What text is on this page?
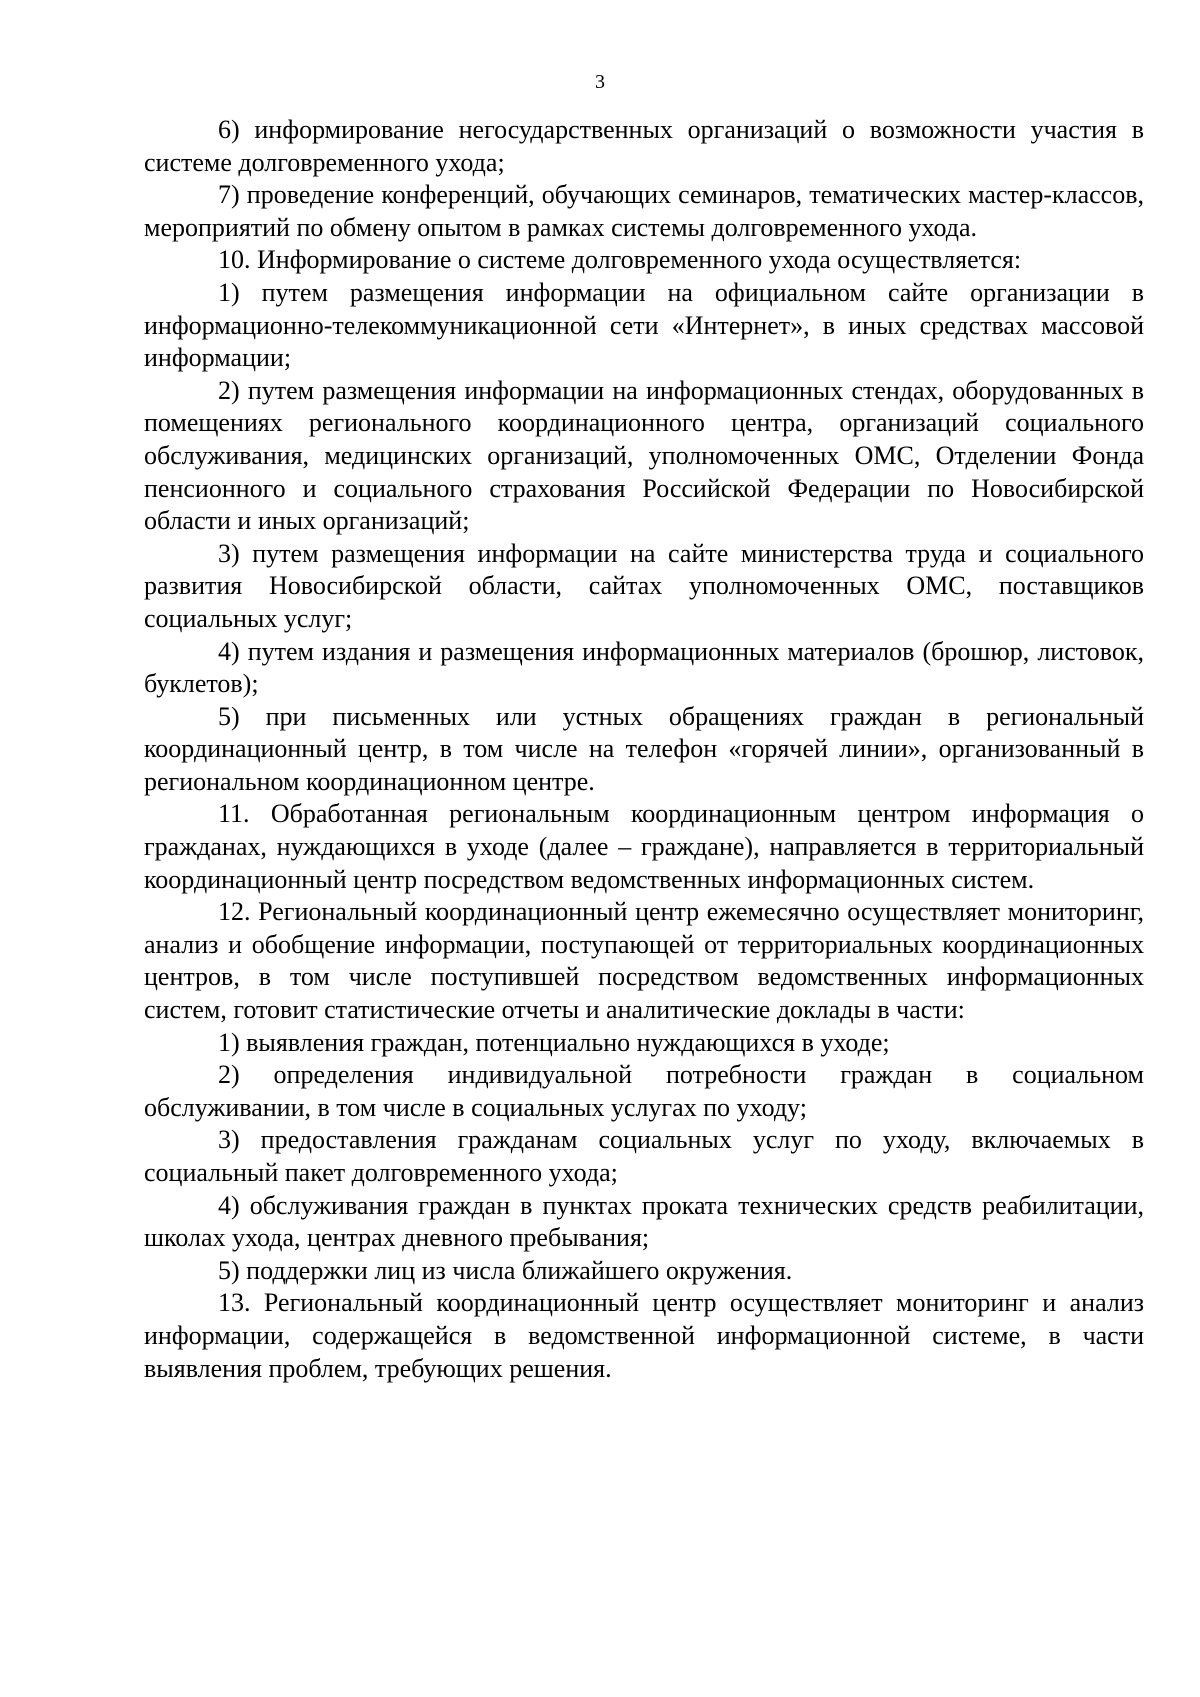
3

6) информирование негосударственных организаций о возможности участия в системе долговременного ухода;

7) проведение конференций, обучающих семинаров, тематических мастер-классов, мероприятий по обмену опытом в рамках системы долговременного ухода.

10. Информирование о системе долговременного ухода осуществляется:

1) путем размещения информации на официальном сайте организации в информационно-телекоммуникационной сети «Интернет», в иных средствах массовой информации;

2) путем размещения информации на информационных стендах, оборудованных в помещениях регионального координационного центра, организаций социального обслуживания, медицинских организаций, уполномоченных ОМС, Отделении Фонда пенсионного и социального страхования Российской Федерации по Новосибирской области и иных организаций;

3) путем размещения информации на сайте министерства труда и социального развития Новосибирской области, сайтах уполномоченных ОМС, поставщиков социальных услуг;

4) путем издания и размещения информационных материалов (брошюр, листовок, буклетов);

5) при письменных или устных обращениях граждан в региональный координационный центр, в том числе на телефон «горячей линии», организованный в региональном координационном центре.

11. Обработанная региональным координационным центром информация о гражданах, нуждающихся в уходе (далее – граждане), направляется в территориальный координационный центр посредством ведомственных информационных систем.

12. Региональный координационный центр ежемесячно осуществляет мониторинг, анализ и обобщение информации, поступающей от территориальных координационных центров, в том числе поступившей посредством ведомственных информационных систем, готовит статистические отчеты и аналитические доклады в части:

1) выявления граждан, потенциально нуждающихся в уходе;

2) определения индивидуальной потребности граждан в социальном обслуживании, в том числе в социальных услугах по уходу;

3) предоставления гражданам социальных услуг по уходу, включаемых в социальный пакет долговременного ухода;

4) обслуживания граждан в пунктах проката технических средств реабилитации, школах ухода, центрах дневного пребывания;

5) поддержки лиц из числа ближайшего окружения.

13. Региональный координационный центр осуществляет мониторинг и анализ информации, содержащейся в ведомственной информационной системе, в части выявления проблем, требующих решения.
